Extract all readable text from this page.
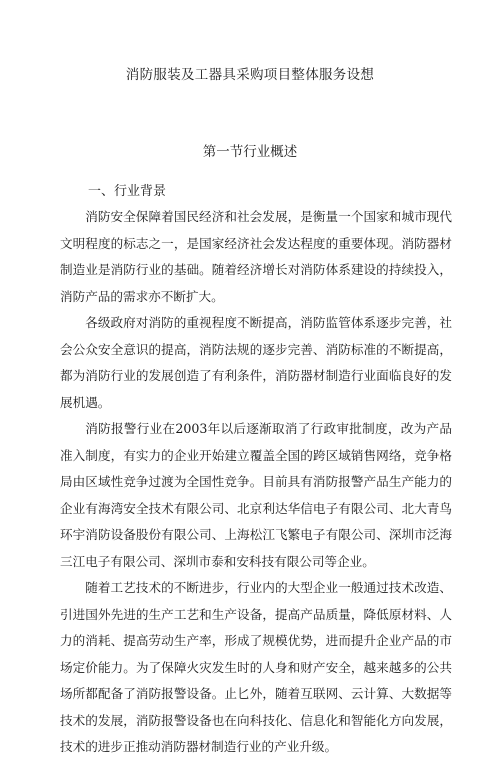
消防服装及工器具采购项目整体服务设想
第一节行业概述
一、行业背景

消防安全保障着国民经济和社会发展，是衡量一个国家和城市现代文明程度的标志之一，是国家经济社会发达程度的重要体现。消防器材制造业是消防行业的基础。随着经济增长对消防体系建设的持续投入，消防产品的需求亦不断扩大。

各级政府对消防的重视程度不断提高，消防监管体系逐步完善，社会公众安全意识的提高，消防法规的逐步完善、消防标准的不断提高，都为消防行业的发展创造了有利条件，消防器材制造行业面临良好的发展机遇。

消防报警行业在2003年以后逐渐取消了行政审批制度，改为产品准入制度，有实力的企业开始建立覆盖全国的跨区域销售网络，竞争格局由区域性竞争过渡为全国性竞争。目前具有消防报警产品生产能力的企业有海湾安全技术有限公司、北京利达华信电子有限公司、北大青鸟环宇消防设备股份有限公司、上海松江飞繁电子有限公司、深圳市泛海三江电子有限公司、深圳市泰和安科技有限公司等企业。

随着工艺技术的不断进步，行业内的大型企业一般通过技术改造、引进国外先进的生产工艺和生产设备，提高产品质量，降低原材料、人力的消耗、提高劳动生产率，形成了规模优势，进而提升企业产品的市场定价能力。为了保障火灾发生时的人身和财产安全，越来越多的公共场所都配备了消防报警设备。止匕外，随着互联网、云计算、大数据等技术的发展，消防报警设备也在向科技化、信息化和智能化方向发展，技术的进步正推动消防器材制造行业的产业升级。
